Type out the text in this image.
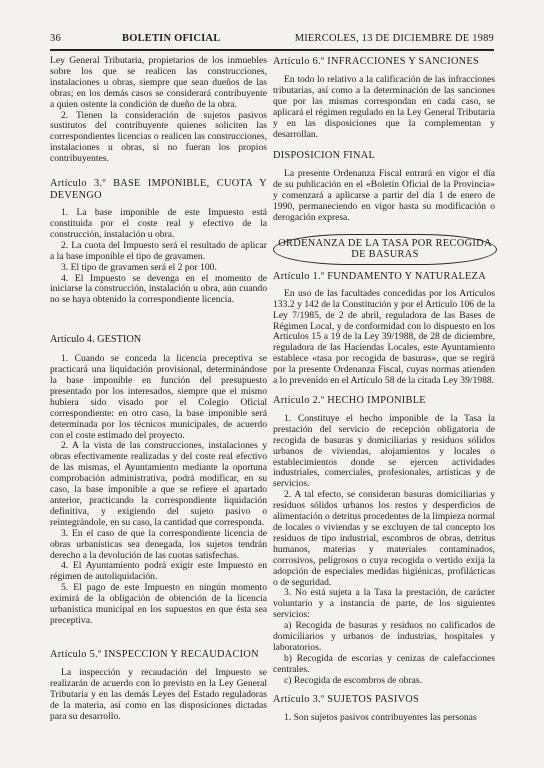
36	BOLETIN OFICIAL	MIERCOLES, 13 DE DICIEMBRE DE 1989

Ley General Tributaria, propietarios de los inmuebles sobre los que se realicen las construcciones, instalaciones u obras, siempre que sean dueños de las obras; en los demás casos se considerará contribuyente a quien ostente la condición de dueño de la obra.

2. Tienen la consideración de sujetos pasivos sustitutos del contribuyente quienes soliciten las correspondientes licencias o realicen las construcciones, instalaciones u obras, si no fueran los propios contribuyentes.

Artículo 3.º BASE IMPONIBLE, CUOTA Y DEVENGO

1. La base imponible de este Impuesto está constituida por el coste real y efectivo de la construcción, instalación u obra.

2. La cuota del Impuesto será el resultado de aplicar a la base imponible el tipo de gravamen.

3. El tipo de gravamen será el 2 por 100.

4. El Impuesto se devenga en el momento de iniciarse la construcción, instalación u obra, aún cuando no se haya obtenido la correspondiente licencia.

Artículo 4. GESTION

1. Cuando se conceda la licencia preceptiva se practicará una liquidación provisional, determinándose la base imponible en función del presupuesto presentado por los interesados, siempre que el mismo hubiera sido visado por el Colegio Oficial correspondiente: en otro caso, la base imponible será determinada por los técnicos municipales, de acuerdo con el coste estimado del proyecto.

2. A la vista de las construcciones, instalaciones y obras efectivamente realizadas y del coste real efectivo de las mismas, el Ayuntamiento mediante la oportuna comprobación administrativa, podrá modificar, en su caso, la base imponible a que se refiere el apartado anterior, practicando la correspondiente liquidación definitiva, y exigiendo del sujeto pasivo o reintegrándole, en su caso, la cantidad que corresponda.

3. En el caso de que la correspondiente licencia de obras urbanísticas sea denegada, los sujetos tendrán derecho a la devolución de las cuotas satisfechas.

4. El Ayuntamiento podrá exigir este Impuesto en régimen de autoliquidación.

5. El pago de este Impuesto en ningún momento eximirá de la obligación de obtención de la licencia urbanística municipal en los supuestos en que ésta sea preceptiva.

Artículo 5.º INSPECCION Y RECAUDACION

La inspección y recaudación del Impuesto se realizarán de acuerdo con lo previsto en la Ley General Tributaria y en las demás Leyes del Estado reguladoras de la materia, así como en las disposiciones dictadas para su desarrollo.

Artículo 6.º INFRACCIONES Y SANCIONES

En todo lo relativo a la calificación de las infracciones tributarias, así como a la determinación de las sanciones que por las mismas correspondan en cada caso, se aplicará el régimen regulado en la Ley General Tributaria y en las disposiciones que la complementan y desarrollan.

DISPOSICION FINAL

La presente Ordenanza Fiscal entrará en vigor el día de su publicación en el «Boletín Oficial de la Provincia» y comenzará a aplicarse a partir del día 1 de enero de 1990, permaneciendo en vigor hasta su modificación o derogación expresa.

ORDENANZA DE LA TASA POR RECOGIDA DE BASURAS
Artículo 1.º FUNDAMENTO Y NATURALEZA

En uso de las facultades concedidas por los Artículos 133.2 y 142 de la Constitución y por el Artículo 106 de la Ley 7/1985, de 2 de abril, reguladora de las Bases de Régimen Local, y de conformidad con lo dispuesto en los Artículos 15 a 19 de la Ley 39/1988, de 28 de diciembre, reguladora de las Haciendas Locales, este Ayuntamiento establece «tasa por recogida de basuras», que se regirá por la presente Ordenanza Fiscal, cuyas normas atienden a lo prevenido en el Artículo 58 de la citada Ley 39/1988.

Artículo 2.º HECHO IMPONIBLE

1. Constituye el hecho imponible de la Tasa la prestación del servicio de recepción obligatoria de recogida de basuras y domiciliarias y residuos sólidos urbanos de viviendas, alojamientos y locales o establecimientos donde se ejercen actividades industriales, comerciales, profesionales, artísticas y de servicios.

2. A tal efecto, se consideran basuras domiciliarias y residuos sólidos urbanos los restos y desperdicios de alimentación o detritus procedentes de la limpieza normal de locales o viviendas y se excluyen de tal concepto los residuos de tipo industrial, escombros de obras, detritus humanos, materias y materiales contaminados, corrosivos, peligrosos o cuya recogida o vertido exija la adopción de especiales medidas higiénicas, profilácticas o de seguridad.

3. No está sujeta a la Tasa la prestación, de carácter voluntario y a instancia de parte, de los siguientes servicios:

a) Recogida de basuras y residuos no calificados de domiciliarios y urbanos de industrias, hospitales y laboratorios.

b) Recogida de escorias y cenizas de calefacciones centrales.

c) Recogida de escombros de obras.

Artículo 3.º SUJETOS PASIVOS

1. Son sujetos pasivos contribuyentes las personas
